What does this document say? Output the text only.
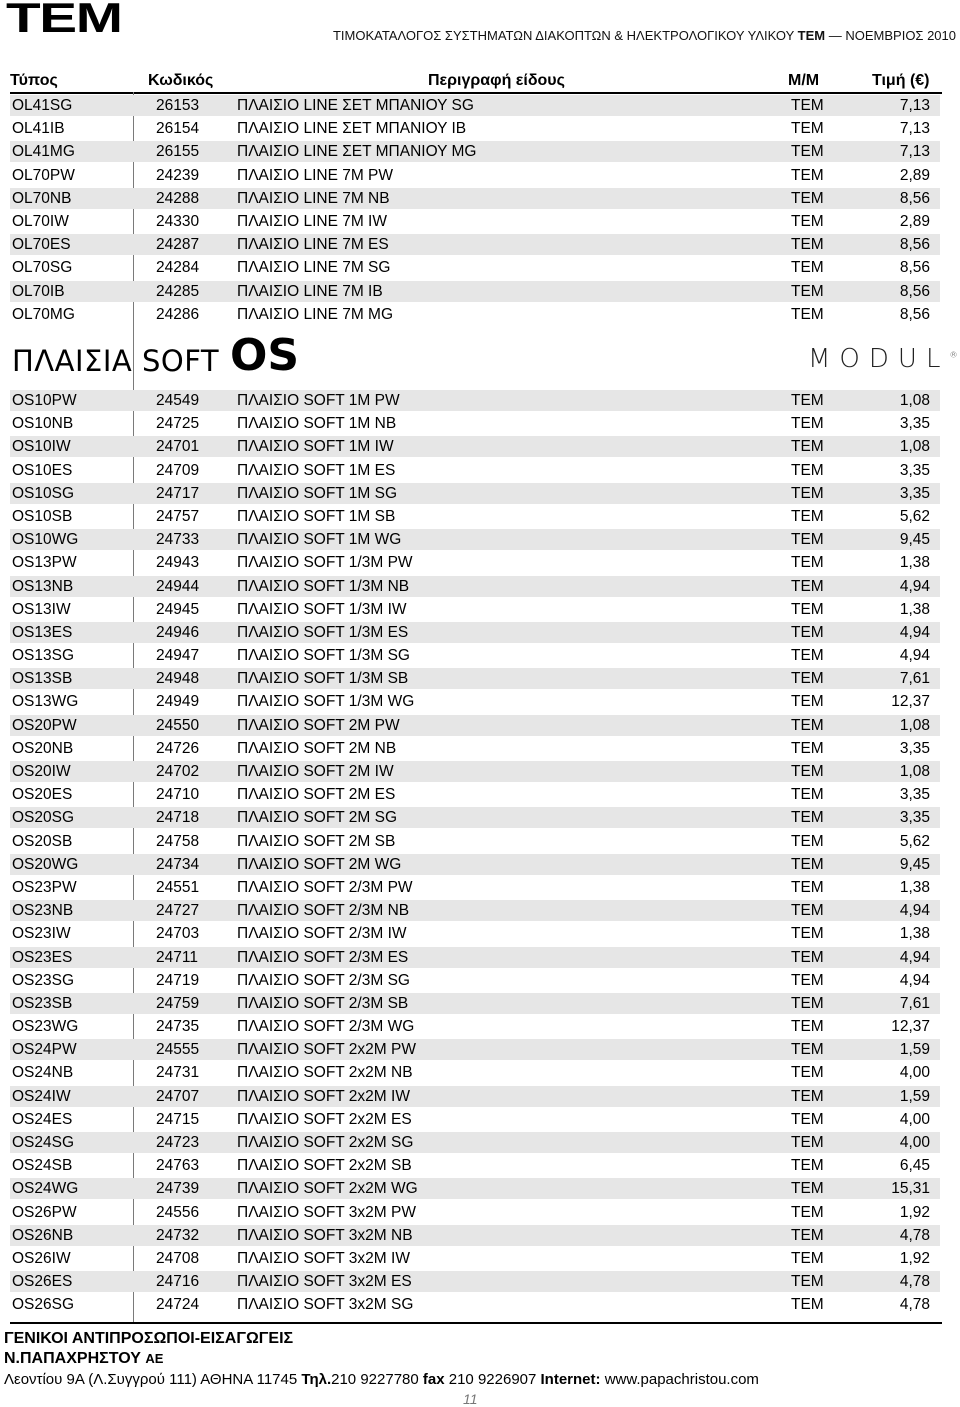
TEM	ΤΙΜΟΚΑΤΑΛΟΓΟΣ ΣΥΣΤΗΜΑΤΩΝ ΔΙΑΚΟΠΤΩΝ & ΗΛΕΚΤΡΟΛΟΓΙΚΟΥ ΥΛΙΚΟΥ TEM — ΝΟΕΜΒΡΙΟΣ 2010
Τύπος	Κωδικός	Περιγραφή είδους	Μ/Μ	Τιμή (€)
OL41SG	26153 ΠΛΑΙΣΙΟ LINE ΣΕΤ ΜΠΑΝΙΟΥ SG	TEM	7,13
OL41IB	26154 ΠΛΑΙΣΙΟ LINE ΣΕΤ ΜΠΑΝΙΟΥ IB	TEM	7,13
OL41MG	26155 ΠΛΑΙΣΙΟ LINE ΣΕΤ ΜΠΑΝΙΟΥ MG	TEM	7,13
OL70PW	24239 ΠΛΑΙΣΙΟ LINE 7M PW	TEM	2,89
OL70NB	24288 ΠΛΑΙΣΙΟ LINE 7M NB	TEM	8,56
OL70IW	24330 ΠΛΑΙΣΙΟ LINE 7M IW	TEM	2,89
OL70ES	24287 ΠΛΑΙΣΙΟ LINE 7M ES	TEM	8,56
OL70SG	24284 ΠΛΑΙΣΙΟ LINE 7M SG	TEM	8,56
OL70IB	24285 ΠΛΑΙΣΙΟ LINE 7M IB	TEM	8,56
OL70MG	24286 ΠΛΑΙΣΙΟ LINE 7M MG	TEM	8,56
ΠΛΑΙΣΙΑ SOFT OS	MODUL®
OS10PW	24549 ΠΛΑΙΣΙΟ SOFT 1M PW	TEM	1,08
OS10NB	24725 ΠΛΑΙΣΙΟ SOFT 1M NB	TEM	3,35
OS10IW	24701 ΠΛΑΙΣΙΟ SOFT 1M IW	TEM	1,08
OS10ES	24709 ΠΛΑΙΣΙΟ SOFT 1M ES	TEM	3,35
OS10SG	24717 ΠΛΑΙΣΙΟ SOFT 1M SG	TEM	3,35
OS10SB	24757 ΠΛΑΙΣΙΟ SOFT 1M SB	TEM	5,62
OS10WG	24733 ΠΛΑΙΣΙΟ SOFT 1M WG	TEM	9,45
OS13PW	24943 ΠΛΑΙΣΙΟ SOFT 1/3M PW	TEM	1,38
OS13NB	24944 ΠΛΑΙΣΙΟ SOFT 1/3M NB	TEM	4,94
OS13IW	24945 ΠΛΑΙΣΙΟ SOFT 1/3M IW	TEM	1,38
OS13ES	24946 ΠΛΑΙΣΙΟ SOFT 1/3M ES	TEM	4,94
OS13SG	24947 ΠΛΑΙΣΙΟ SOFT 1/3M SG	TEM	4,94
OS13SB	24948 ΠΛΑΙΣΙΟ SOFT 1/3M SB	TEM	7,61
OS13WG	24949 ΠΛΑΙΣΙΟ SOFT 1/3M WG	TEM	12,37
OS20PW	24550 ΠΛΑΙΣΙΟ SOFT 2M PW	TEM	1,08
OS20NB	24726 ΠΛΑΙΣΙΟ SOFT 2M NB	TEM	3,35
OS20IW	24702 ΠΛΑΙΣΙΟ SOFT 2M IW	TEM	1,08
OS20ES	24710 ΠΛΑΙΣΙΟ SOFT 2M ES	TEM	3,35
OS20SG	24718 ΠΛΑΙΣΙΟ SOFT 2M SG	TEM	3,35
OS20SB	24758 ΠΛΑΙΣΙΟ SOFT 2M SB	TEM	5,62
OS20WG	24734 ΠΛΑΙΣΙΟ SOFT 2M WG	TEM	9,45
OS23PW	24551 ΠΛΑΙΣΙΟ SOFT 2/3M PW	TEM	1,38
OS23NB	24727 ΠΛΑΙΣΙΟ SOFT 2/3M NB	TEM	4,94
OS23IW	24703 ΠΛΑΙΣΙΟ SOFT 2/3M IW	TEM	1,38
OS23ES	24711	ΠΛΑΙΣΙΟ SOFT 2/3M ES	TEM	4,94
OS23SG	24719 ΠΛΑΙΣΙΟ SOFT 2/3M SG	TEM	4,94
OS23SB	24759 ΠΛΑΙΣΙΟ SOFT 2/3M SB	TEM	7,61
OS23WG	24735 ΠΛΑΙΣΙΟ SOFT 2/3M WG	TEM	12,37
OS24PW	24555 ΠΛΑΙΣΙΟ SOFT 2x2M PW	TEM	1,59
OS24NB	24731 ΠΛΑΙΣΙΟ SOFT 2x2M NB	TEM	4,00
OS24IW	24707 ΠΛΑΙΣΙΟ SOFT 2x2M IW	TEM	1,59
OS24ES	24715 ΠΛΑΙΣΙΟ SOFT 2x2M ES	TEM	4,00
OS24SG	24723 ΠΛΑΙΣΙΟ SOFT 2x2M SG	TEM	4,00
OS24SB	24763 ΠΛΑΙΣΙΟ SOFT 2x2M SB	TEM	6,45
OS24WG	24739 ΠΛΑΙΣΙΟ SOFT 2x2M WG	TEM	15,31
OS26PW	24556 ΠΛΑΙΣΙΟ SOFT 3x2M PW	TEM	1,92
OS26NB	24732 ΠΛΑΙΣΙΟ SOFT 3x2M NB	TEM	4,78
OS26IW	24708 ΠΛΑΙΣΙΟ SOFT 3x2M IW	TEM	1,92
OS26ES	24716 ΠΛΑΙΣΙΟ SOFT 3x2M ES	TEM	4,78
OS26SG	24724 ΠΛΑΙΣΙΟ SOFT 3x2M SG	TEM	4,78
ΓΕΝΙΚΟΙ ΑΝΤΙΠΡΟΣΩΠΟΙ-ΕΙΣΑΓΩΓΕΙΣ
Ν.ΠΑΠΑΧΡΗΣΤΟΥ ΑΕ
Λεοντίου 9Α (Λ.Συγγρού 111) ΑΘΗΝΑ 11745 Τηλ.210 9227780 fax 210 9226907 Internet: www.papachristou.com
11
